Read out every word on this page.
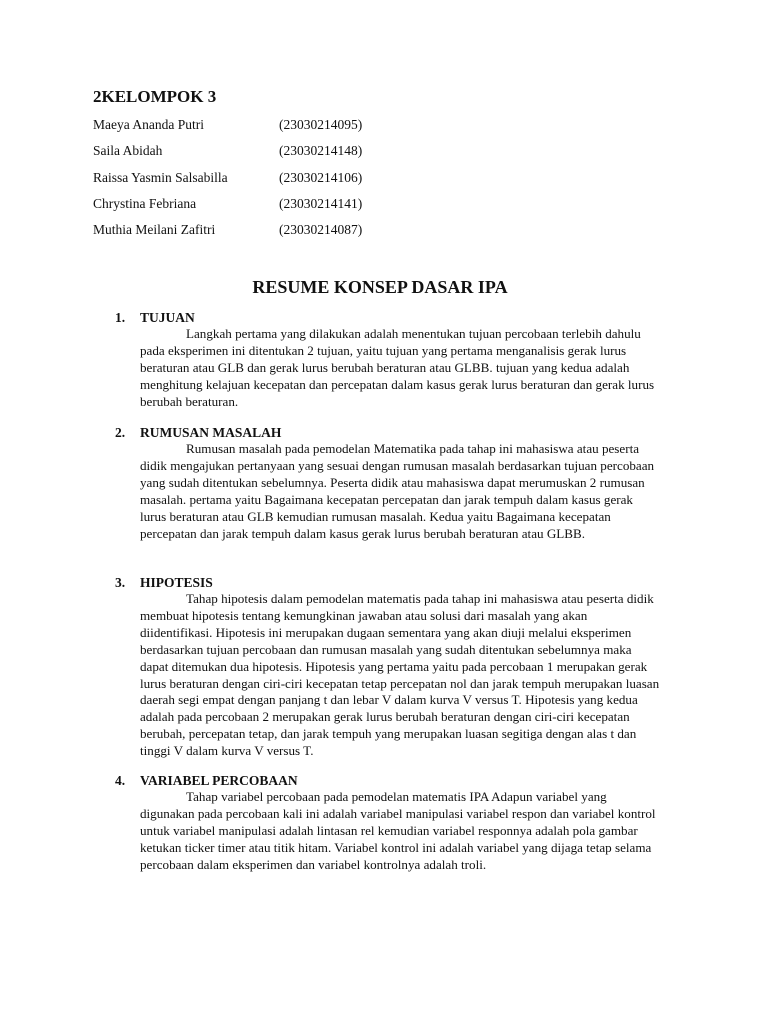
2KELOMPOK 3
Maeya Ananda Putri	(23030214095)
Saila Abidah	(23030214148)
Raissa Yasmin Salsabilla	(23030214106)
Chrystina Febriana	(23030214141)
Muthia Meilani Zafitri	(23030214087)
RESUME KONSEP DASAR IPA
1. TUJUAN

Langkah pertama yang dilakukan adalah menentukan tujuan percobaan terlebih dahulu pada eksperimen ini ditentukan 2 tujuan, yaitu tujuan yang pertama menganalisis gerak lurus beraturan atau GLB dan gerak lurus berubah beraturan atau GLBB. tujuan yang kedua adalah menghitung kelajuan kecepatan dan percepatan dalam kasus gerak lurus beraturan dan gerak lurus berubah beraturan.

2. RUMUSAN MASALAH

Rumusan masalah pada pemodelan Matematika pada tahap ini mahasiswa atau peserta didik mengajukan pertanyaan yang sesuai dengan rumusan masalah berdasarkan tujuan percobaan yang sudah ditentukan sebelumnya. Peserta didik atau mahasiswa dapat merumuskan 2 rumusan masalah. pertama yaitu Bagaimana kecepatan percepatan dan jarak tempuh dalam kasus gerak lurus beraturan atau GLB kemudian rumusan masalah. Kedua yaitu Bagaimana kecepatan percepatan dan jarak tempuh dalam kasus gerak lurus berubah beraturan atau GLBB.

3. HIPOTESIS

Tahap hipotesis dalam pemodelan matematis pada tahap ini mahasiswa atau peserta didik membuat hipotesis tentang kemungkinan jawaban atau solusi dari masalah yang akan diidentifikasi. Hipotesis ini merupakan dugaan sementara yang akan diuji melalui eksperimen berdasarkan tujuan percobaan dan rumusan masalah yang sudah ditentukan sebelumnya maka dapat ditemukan dua hipotesis. Hipotesis yang pertama yaitu pada percobaan 1 merupakan gerak lurus beraturan dengan ciri-ciri kecepatan tetap percepatan nol dan jarak tempuh merupakan luasan daerah segi empat dengan panjang t dan lebar V dalam kurva V versus T. Hipotesis yang kedua adalah pada percobaan 2 merupakan gerak lurus berubah beraturan dengan ciri-ciri kecepatan berubah, percepatan tetap, dan jarak tempuh yang merupakan luasan segitiga dengan alas t dan tinggi V dalam kurva V versus T.

4. VARIABEL PERCOBAAN

Tahap variabel percobaan pada pemodelan matematis IPA Adapun variabel yang digunakan pada percobaan kali ini adalah variabel manipulasi variabel respon dan variabel kontrol untuk variabel manipulasi adalah lintasan rel kemudian variabel responnya adalah pola gambar ketukan ticker timer atau titik hitam. Variabel kontrol ini adalah variabel yang dijaga tetap selama percobaan dalam eksperimen dan variabel kontrolnya adalah troli.
